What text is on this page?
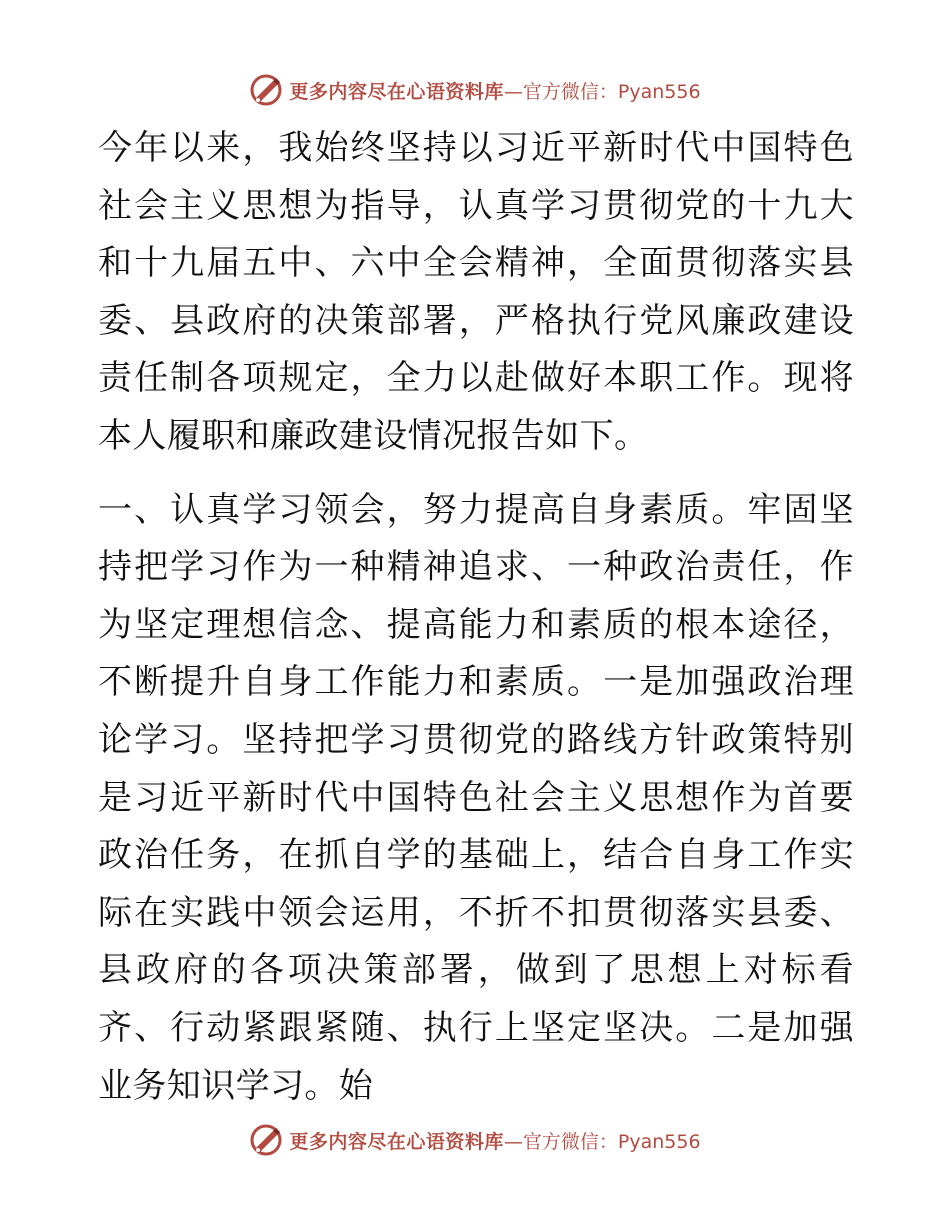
更多内容尽在心语资料库 —官方微信：Pyan556

今年以来，我始终坚持以习近平新时代中国特色社会主义思想为指导，认真学习贯彻党的十九大和十九届五中、六中全会精神，全面贯彻落实县委、县政府的决策部署，严格执行党风廉政建设责任制各项规定，全力以赴做好本职工作。现将本人履职和廉政建设情况报告如下。

一、认真学习领会，努力提高自身素质。牢固坚持把学习作为一种精神追求、一种政治责任，作为坚定理想信念、提高能力和素质的根本途径，不断提升自身工作能力和素质。一是加强政治理论学习。坚持把学习贯彻党的路线方针政策特别是习近平新时代中国特色社会主义思想作为首要政治任务，在抓自学的基础上，结合自身工作实际在实践中领会运用，不折不扣贯彻落实县委、县政府的各项决策部署，做到了思想上对标看齐、行动紧跟紧随、执行上坚定坚决。二是加强业务知识学习。始

更多内容尽在心语资料库 —官方微信：Pyan556
